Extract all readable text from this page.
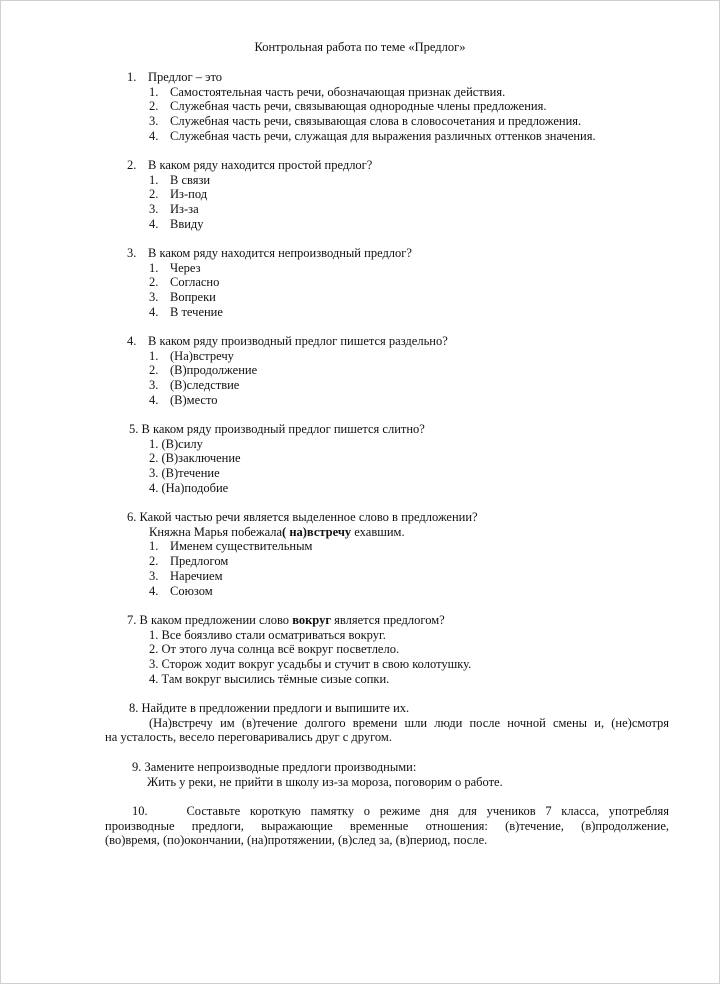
Контрольная работа по теме «Предлог»
1. Предлог – это
1. Самостоятельная часть речи, обозначающая признак действия.
2. Служебная часть речи, связывающая однородные члены предложения.
3. Служебная часть речи, связывающая слова в словосочетания и предложения.
4. Служебная часть речи, служащая для выражения различных оттенков значения.
2. В каком ряду находится простой предлог?
1. В связи
2. Из-под
3. Из-за
4. Ввиду
3. В каком ряду находится непроизводный предлог?
1. Через
2. Согласно
3. Вопреки
4. В течение
4. В каком ряду производный предлог пишется раздельно?
1. (На)встречу
2. (В)продолжение
3. (В)следствие
4. (В)место
5. В каком ряду производный предлог пишется слитно?
1. (В)силу
2. (В)заключение
3. (В)течение
4. (На)подобие
6. Какой частью речи является выделенное слово в предложении?
Княжна Марья побежала( на)встречу ехавшим.
1. Именем существительным
2. Предлогом
3. Наречием
4. Союзом
7. В каком предложении слово вокруг является предлогом?
1. Все боязливо стали осматриваться вокруг.
2. От этого луча солнца всё вокруг посветлело.
3. Сторож ходит вокруг усадьбы и стучит в свою колотушку.
4. Там вокруг высились тёмные сизые сопки.
8. Найдите в предложении предлоги и выпишите их.
(На)встречу им (в)течение долгого времени шли люди после ночной смены и, (не)смотря
на усталость, весело переговаривались друг с другом.
9. Замените непроизводные предлоги производными:
Жить у реки, не прийти в школу из-за мороза, поговорим о работе.
10.    Составьте короткую памятку о режиме дня для учеников 7 класса, употребляя
производные предлоги, выражающие временные отношения: (в)течение, (в)продолжение,
(во)время, (по)окончании, (на)протяжении, (в)след за, (в)период, после.
